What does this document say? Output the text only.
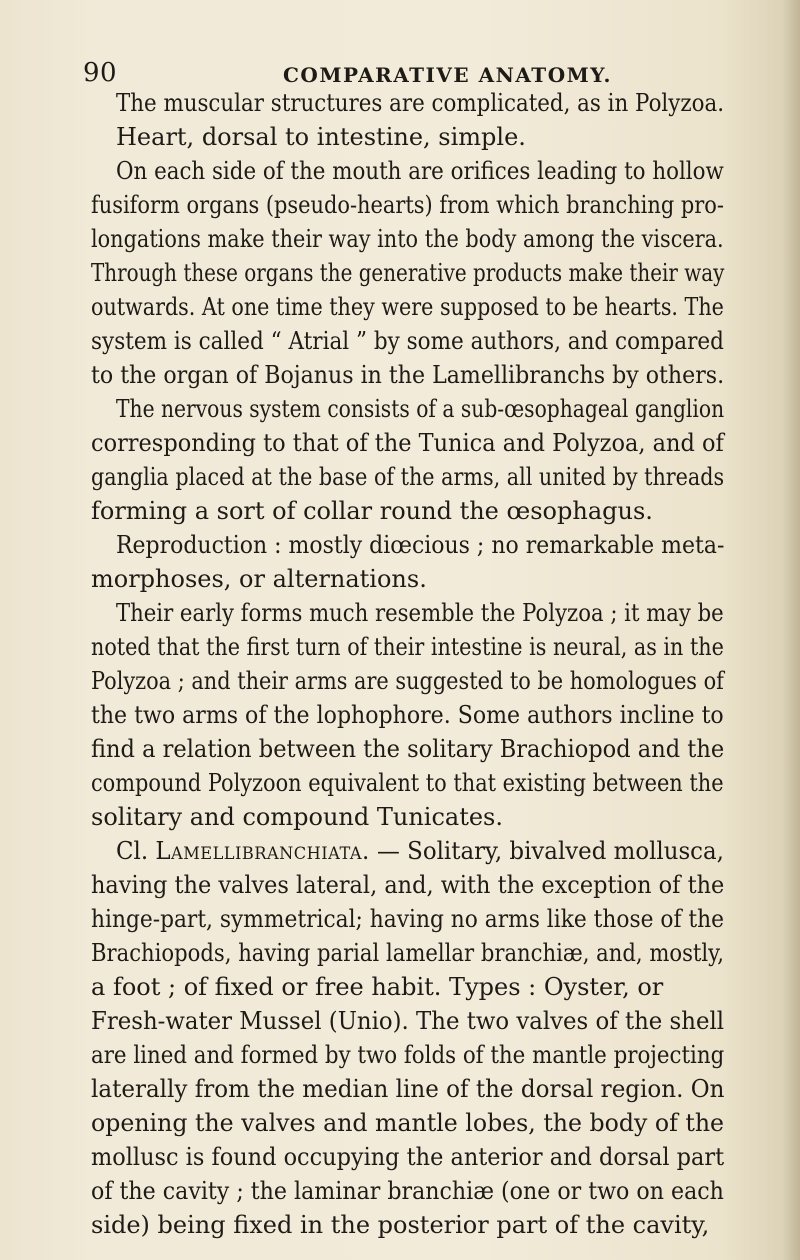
90	COMPARATIVE ANATOMY.
The muscular structures are complicated, as in Polyzoa.
Heart, dorsal to intestine, simple.
On each side of the mouth are orifices leading to hollow
fusiform organs (pseudo-hearts) from which branching pro-
longations make their way into the body among the viscera.
Through these organs the generative products make their way
outwards. At one time they were supposed to be hearts. The
system is called “ Atrial ” by some authors, and compared
to the organ of Bojanus in the Lamellibranchs by others.
The nervous system consists of a sub-œsophageal ganglion
corresponding to that of the Tunica and Polyzoa, and of
ganglia placed at the base of the arms, all united by threads
forming a sort of collar round the œsophagus.
Reproduction : mostly diœcious ; no remarkable meta-
morphoses, or alternations.
Their early forms much resemble the Polyzoa ; it may be
noted that the first turn of their intestine is neural, as in the
Polyzoa ; and their arms are suggested to be homologues of
the two arms of the lophophore. Some authors incline to
find a relation between the solitary Brachiopod and the
compound Polyzoon equivalent to that existing between the
solitary and compound Tunicates.
Cl. Lamellibranchiata. — Solitary, bivalved mollusca,
having the valves lateral, and, with the exception of the
hinge-part, symmetrical; having no arms like those of the
Brachiopods, having parial lamellar branchiæ, and, mostly,
a foot ; of fixed or free habit. Types : Oyster, or
Fresh-water Mussel (Unio). The two valves of the shell
are lined and formed by two folds of the mantle projecting
laterally from the median line of the dorsal region. On
opening the valves and mantle lobes, the body of the
mollusc is found occupying the anterior and dorsal part
of the cavity ; the laminar branchiæ (one or two on each
side) being fixed in the posterior part of the cavity,
